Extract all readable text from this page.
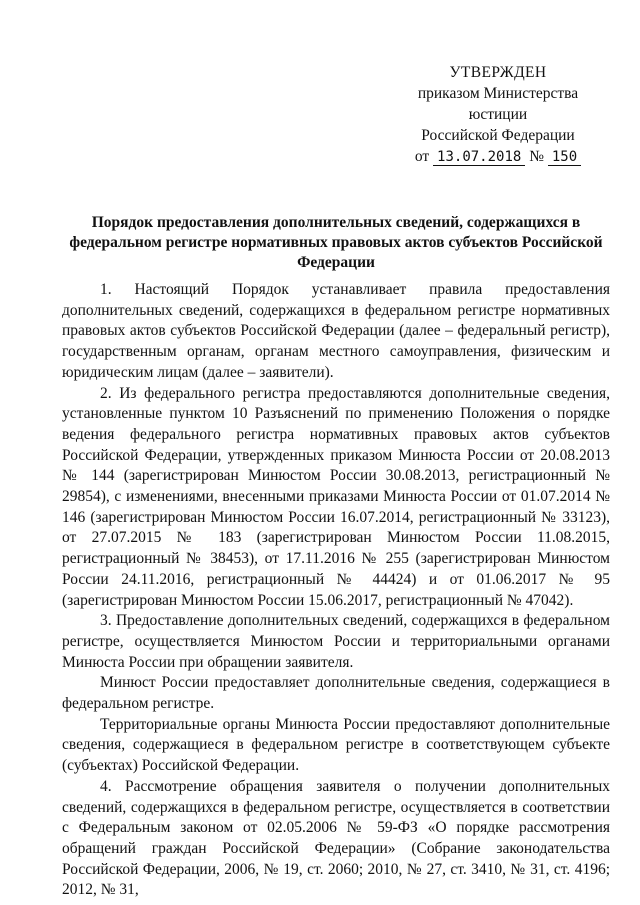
УТВЕРЖДЕН
приказом Министерства юстиции
Российской Федерации
от 13.07.2018 № 150
Порядок предоставления дополнительных сведений, содержащихся в федеральном регистре нормативных правовых актов субъектов Российской Федерации

1. Настоящий Порядок устанавливает правила предоставления дополнительных сведений, содержащихся в федеральном регистре нормативных правовых актов субъектов Российской Федерации (далее – федеральный регистр), государственным органам, органам местного самоуправления, физическим и юридическим лицам (далее – заявители).

2. Из федерального регистра предоставляются дополнительные сведения, установленные пунктом 10 Разъяснений по применению Положения о порядке ведения федерального регистра нормативных правовых актов субъектов Российской Федерации, утвержденных приказом Минюста России от 20.08.2013 № 144 (зарегистрирован Минюстом России 30.08.2013, регистрационный № 29854), с изменениями, внесенными приказами Минюста России от 01.07.2014 № 146 (зарегистрирован Минюстом России 16.07.2014, регистрационный № 33123), от 27.07.2015 № 183 (зарегистрирован Минюстом России 11.08.2015, регистрационный № 38453), от 17.11.2016 № 255 (зарегистрирован Минюстом России 24.11.2016, регистрационный № 44424) и от 01.06.2017 № 95 (зарегистрирован Минюстом России 15.06.2017, регистрационный № 47042).

3. Предоставление дополнительных сведений, содержащихся в федеральном регистре, осуществляется Минюстом России и территориальными органами Минюста России при обращении заявителя.

Минюст России предоставляет дополнительные сведения, содержащиеся в федеральном регистре.

Территориальные органы Минюста России предоставляют дополнительные сведения, содержащиеся в федеральном регистре в соответствующем субъекте (субъектах) Российской Федерации.

4. Рассмотрение обращения заявителя о получении дополнительных сведений, содержащихся в федеральном регистре, осуществляется в соответствии с Федеральным законом от 02.05.2006 № 59-ФЗ «О порядке рассмотрения обращений граждан Российской Федерации» (Собрание законодательства Российской Федерации, 2006, № 19, ст. 2060; 2010, № 27, ст. 3410, № 31, ст. 4196; 2012, № 31,
